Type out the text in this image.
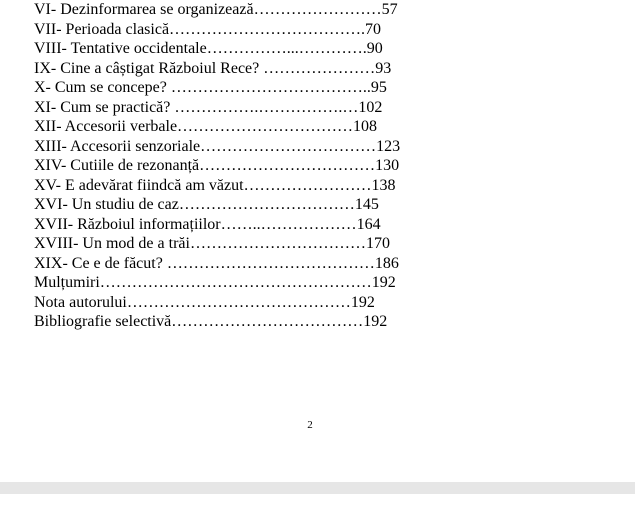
VI- Dezinformarea se organizează……………………57
VII- Perioada clasică……………………………….70
VIII- Tentative occidentale……………...………….90
IX- Cine a câștigat Războiul Rece? …………………93
X- Cum se concepe? ………………………………..95
XI- Cum se practică? …………….…………….…102
XII- Accesorii verbale……………………………108
XIII- Accesorii senzoriale……………………………123
XIV- Cutiile de rezonanță……………………………130
XV- E adevărat fiindcă am văzut……………………138
XVI- Un studiu de caz……………………………145
XVII- Războiul informațiilor……..………………164
XVIII- Un mod de a trăi……………………………170
XIX- Ce e de făcut? …………………………………186
Mulțumiri……………………………………………192
Nota autorului……………………………………192
Bibliografie selectivă………………………………192
2
